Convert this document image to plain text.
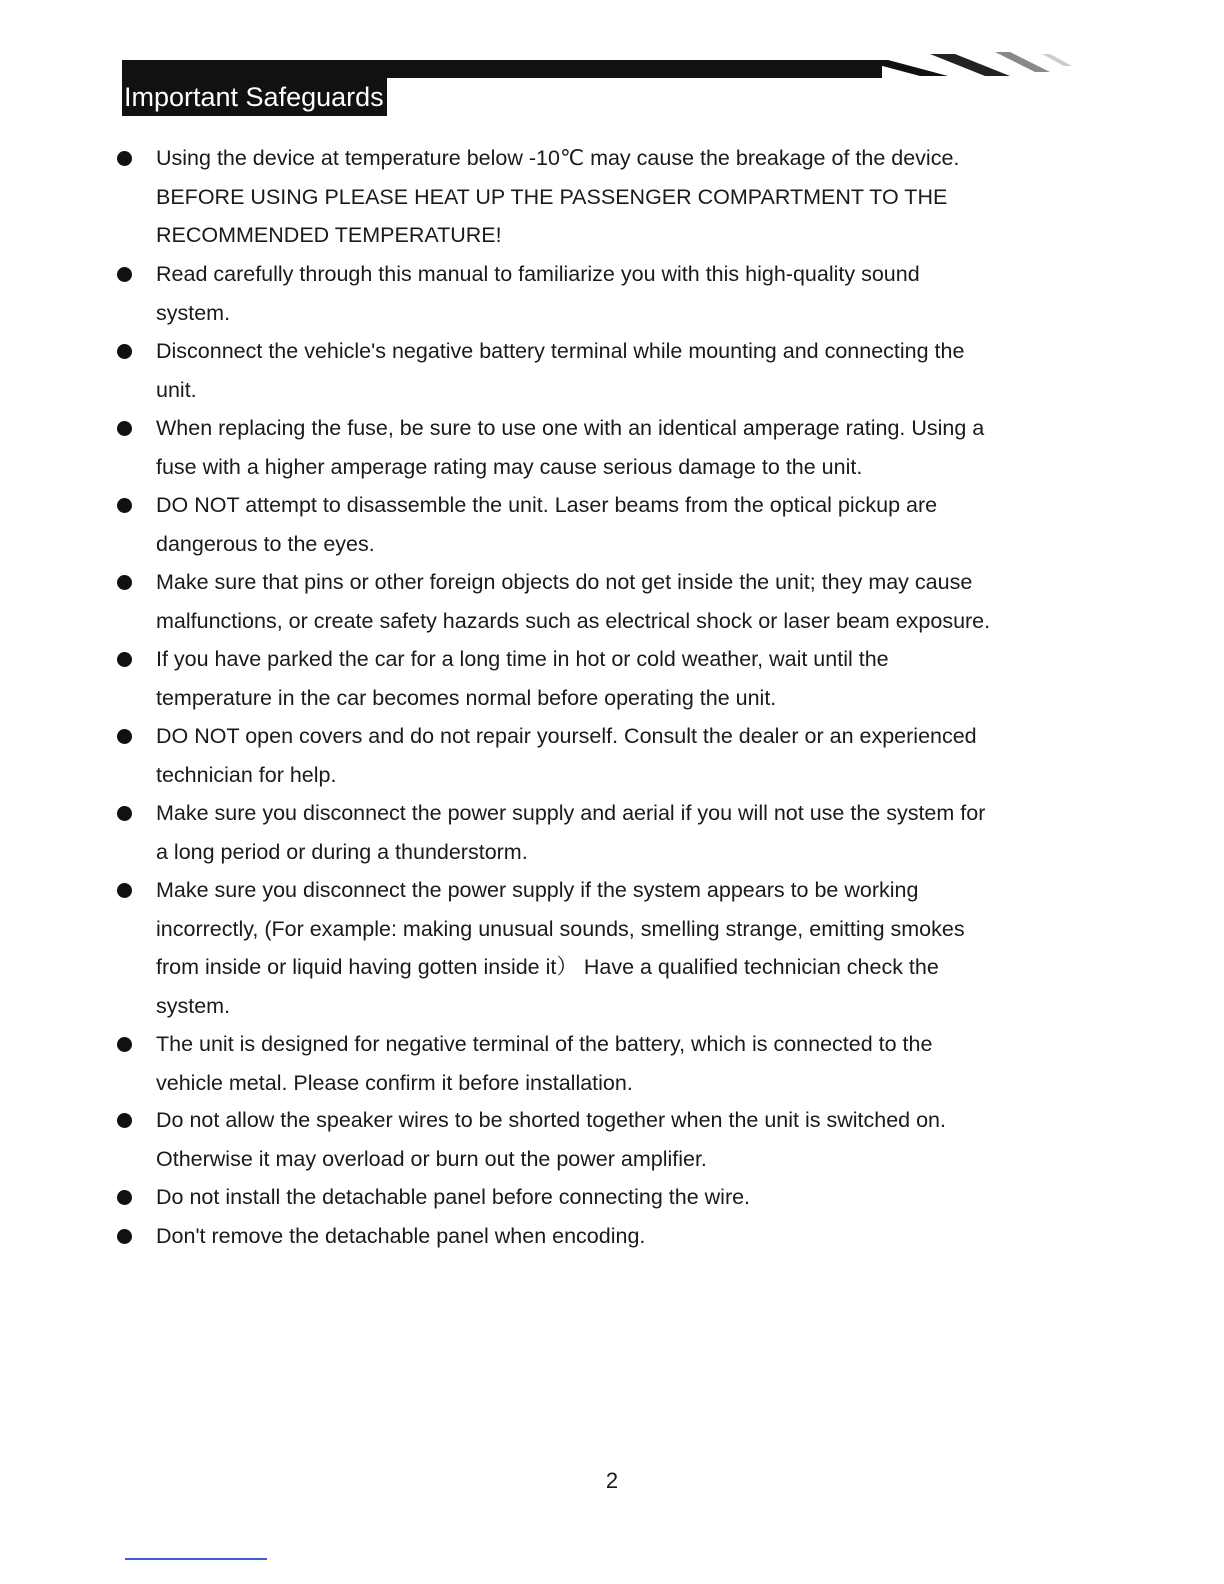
Important Safeguards
Using the device at temperature below -10℃ may cause the breakage of the device.
BEFORE USING PLEASE HEAT UP THE PASSENGER COMPARTMENT TO THE
RECOMMENDED TEMPERATURE!
Read carefully through this manual to familiarize you with this high-quality sound
system.
Disconnect the vehicle's negative battery terminal while mounting and connecting the
unit.
When replacing the fuse, be sure to use one with an identical amperage rating. Using a
fuse with a higher amperage rating may cause serious damage to the unit.
DO NOT attempt to disassemble the unit. Laser beams from the optical pickup are
dangerous to the eyes.
Make sure that pins or other foreign objects do not get inside the unit; they may cause
malfunctions, or create safety hazards such as electrical shock or laser beam exposure.
If you have parked the car for a long time in hot or cold weather, wait until the
temperature in the car becomes normal before operating the unit.
DO NOT open covers and do not repair yourself. Consult the dealer or an experienced
technician for help.
Make sure you disconnect the power supply and aerial if you will not use the system for
a long period or during a thunderstorm.
Make sure you disconnect the power supply if the system appears to be working
incorrectly, (For example: making unusual sounds, smelling strange, emitting smokes
from inside or liquid having gotten inside it） Have a qualified technician check the
system.
The unit is designed for negative terminal of the battery, which is connected to the
vehicle metal. Please confirm it before installation.
Do not allow the speaker wires to be shorted together when the unit is switched on.
Otherwise it may overload or burn out the power amplifier.
Do not install the detachable panel before connecting the wire.
Don't remove the detachable panel when encoding.
2
